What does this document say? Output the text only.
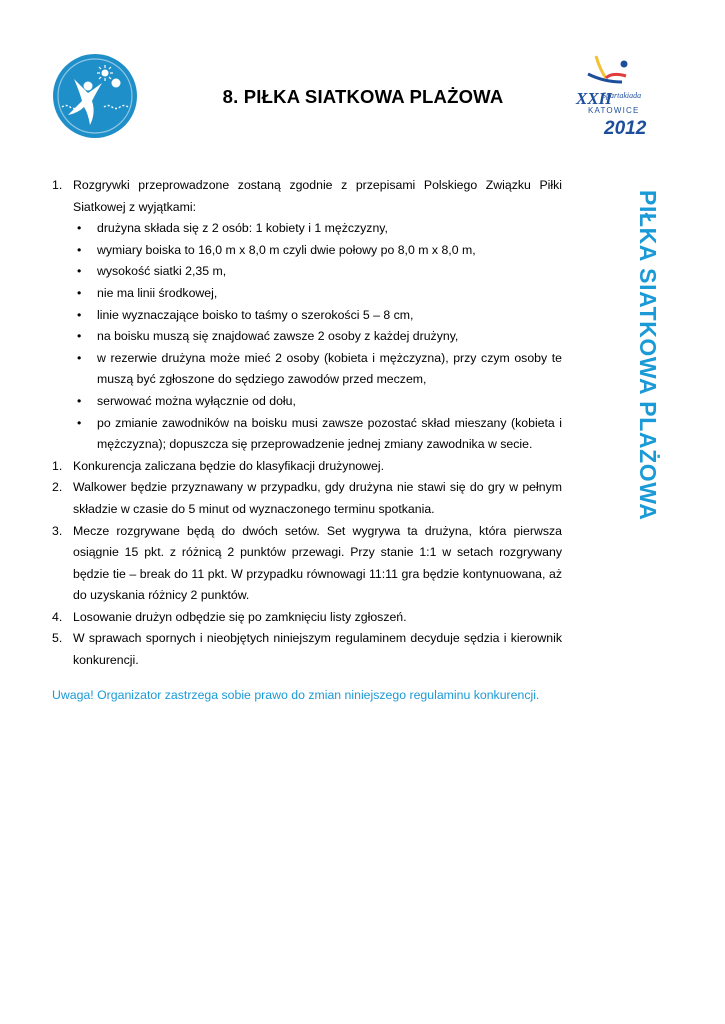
8. PIŁKA SIATKOWA PLAŻOWA	XXII
Spartakiada
KATOWICE
2012
PIŁKA SIATKOWA PLAŻOWA
1. Rozgrywki przeprowadzone zostaną zgodnie z przepisami Polskiego Związku Piłki Siatkowej z wyjątkami:
• drużyna składa się z 2 osób: 1 kobiety i 1 mężczyzny,
• wymiary boiska to 16,0 m x 8,0 m czyli dwie połowy po 8,0 m x 8,0 m,
• wysokość siatki 2,35 m,
• nie ma linii środkowej,
• linie wyznaczające boisko to taśmy o szerokości 5 – 8 cm,
• na boisku muszą się znajdować zawsze 2 osoby z każdej drużyny,
• w rezerwie drużyna może mieć 2 osoby (kobieta i mężczyzna), przy czym osoby te muszą być zgłoszone do sędziego zawodów przed meczem,
• serwować można wyłącznie od dołu,
• po zmianie zawodników na boisku musi zawsze pozostać skład mieszany (kobieta i mężczyzna); dopuszcza się przeprowadzenie jednej zmiany zawodnika w secie.
1. Konkurencja zaliczana będzie do klasyfikacji drużynowej.
2. Walkower będzie przyznawany w przypadku, gdy drużyna nie stawi się do gry w pełnym składzie w czasie do 5 minut od wyznaczonego terminu spotkania.
3. Mecze rozgrywane będą do dwóch setów. Set wygrywa ta drużyna, która pierwsza osiągnie 15 pkt. z różnicą 2 punktów przewagi. Przy stanie 1:1 w setach rozgrywany będzie tie – break do 11 pkt. W przypadku równowagi 11:11 gra będzie kontynuowana, aż do uzyskania różnicy 2 punktów.
4. Losowanie drużyn odbędzie się po zamknięciu listy zgłoszeń.
5. W sprawach spornych i nieobjętych niniejszym regulaminem decyduje sędzia i kierownik konkurencji.
Uwaga! Organizator zastrzega sobie prawo do zmian niniejszego regulaminu konkurencji.
